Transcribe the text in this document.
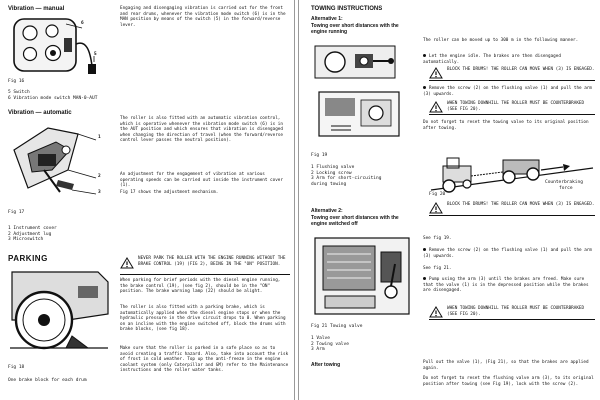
Vibration — manual
6
5
Fig 16
5 Switch
6 Vibration mode switch MAN-0-AUT
Engaging and disengaging vibration is carried out for the front and rear drums, whenever the vibration mode switch (6) is in the MAN position by means of the switch (5) in the forward/reverse lever.
Vibration — automatic
1
2
3
Fig 17
1 Instrument cover
2 Adjustment lug
3 Microswitch
The roller is also fitted with an automatic vibration control, which is operative whenever the vibration mode switch (6) is in the AUT position and which ensures that vibration is disengaged when changing the direction of travel (when the forward/reverse control lever passes the neutral position).
An adjustment for the engagement of vibration at various operating speeds can be carried out inside the instrument cover (1).
Fig 17 shows the adjustment mechanism.
PARKING
Fig 18
One brake block for each drum
NEVER PARK THE ROLLER WITH THE ENGINE RUNNING WITHOUT THE BRAKE CONTROL (19) (FIG 2), BEING IN THE "ON" POSITION.
When parking for brief periods with the diesel engine running, the brake control (19), (see fig 2), should be in the "ON" position. The brake warning lamp (22) should be alight.
The roller is also fitted with a parking brake, which is automatically applied when the diesel engine stops or when the hydraulic pressure in the drive circuit drops to 0. When parking on an incline with the engine switched off, block the drums with brake blocks, (see fig 18).
Make sure that the roller is parked in a safe place so as to avoid creating a traffic hazard. Also, take into account the risk of frost in cold weather. Top up the anti-freeze in the engine coolant system (only Caterpillar and GM) refer to the Maintenance instructions and the roller water tanks.
TOWING INSTRUCTIONS
Alternative 1:
Towing over short distances with the engine running
Fig 19
1 Flushing valve
2 Locking screw
3 Arm for short-circuiting
during towing
The roller can be moved up to 300 m in the following manner.
Let the engine idle. The brakes are then disengaged automatically.
BLOCK THE DRUMS! THE ROLLER CAN MOVE WHEN (3) IS ENGAGED.
Remove the screw (2) on the flushing valve (1) and pull the arm (3) upwards.
WHEN TOWING DOWNHILL THE ROLLER MUST BE COUNTERBRAKED (SEE FIG 20).
Do not forget to reset the towing valve to its original position after towing.
Fig 20
Counterbraking
force
BLOCK THE DRUMS! THE ROLLER CAN MOVE WHEN (3) IS ENGAGED.
Alternative 2:
Towing over short distances with the engine switched off
Fig 21 Towing valve
1 Valve
2 Towing valve
3 Arm
After towing
See fig 19.
Remove the screw (2) on the flushing valve (1) and pull the arm (3) upwards.
See fig 21.
Pump using the arm (3) until the brakes are freed. Make sure that the valve (1) is in the depressed position while the brakes are disengaged.
WHEN TOWING DOWNHILL THE ROLLER MUST BE COUNTERBRAKED (SEE FIG 20).
Pull out the valve (1), (Fig 21), so that the brakes are applied again.
Do not forget to reset the flushing valve arm (3), to its original position after towing (see Fig 19), lock with the screw (2).
